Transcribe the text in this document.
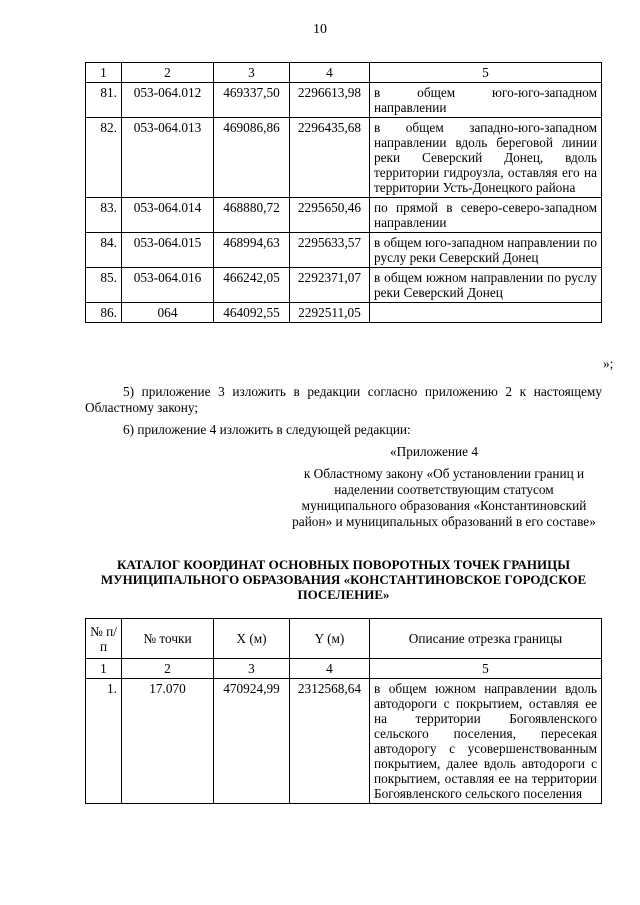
10
1	2	3	4	5
81.	053-064.012	469337,50	2296613,98	в общем юго-юго-западном направлении
82.	053-064.013	469086,86	2296435,68	в общем западно-юго-западном направлении вдоль береговой линии реки Северский Донец, вдоль территории гидроузла, оставляя его на территории Усть-Донецкого района
83.	053-064.014	468880,72	2295650,46	по прямой в северо-северо-западном направлении
84.	053-064.015	468994,63	2295633,57	в общем юго-западном направлении по руслу реки Северский Донец
85.	053-064.016	466242,05	2292371,07	в общем южном направлении по руслу реки Северский Донец
86.	064	464092,55	2292511,05	
»;
5) приложение 3 изложить в редакции согласно приложению 2 к настоящему Областному закону;
6) приложение 4 изложить в следующей редакции:
«Приложение 4
к Областному закону «Об установлении границ и наделении соответствующим статусом муниципального образования «Константиновский район» и муниципальных образований в его составе»
КАТАЛОГ КООРДИНАТ ОСНОВНЫХ ПОВОРОТНЫХ ТОЧЕК ГРАНИЦЫ МУНИЦИПАЛЬНОГО ОБРАЗОВАНИЯ «КОНСТАНТИНОВСКОЕ ГОРОДСКОЕ ПОСЕЛЕНИЕ»
№ п/п	№ точки	X (м)	Y (м)	Описание отрезка границы
1	2	3	4	5
1.	17.070	470924,99	2312568,64	в общем южном направлении вдоль автодороги с покрытием, оставляя ее на территории Богоявленского сельского поселения, пересекая автодорогу с усовершенствованным покрытием, далее вдоль автодороги с покрытием, оставляя ее на территории Богоявленского сельского поселения
